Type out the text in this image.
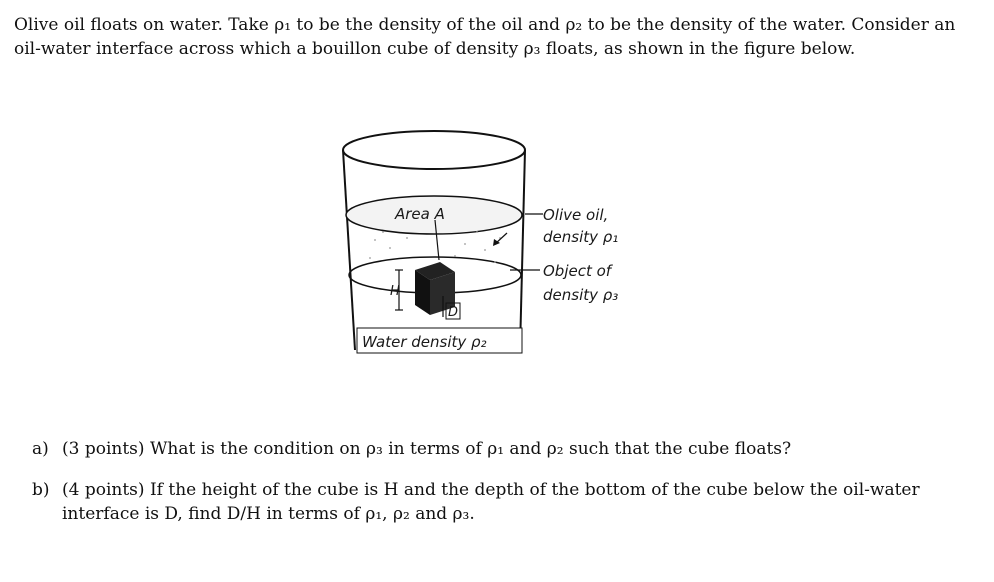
Olive oil floats on water. Take ρ₁ to be the density of the oil and ρ₂ to be the density of the water. Consider an oil-water interface across which a bouillon cube of density ρ₃ floats, as shown in the figure below.

H
D
Area A
Water density ρ₂
Olive oil,
density ρ₁
Object of
density ρ₃
a) (3 points) What is the condition on ρ₃ in terms of ρ₁ and ρ₂ such that the cube floats?
b) (4 points) If the height of the cube is H and the depth of the bottom of the cube below the oil-water interface is D, find D/H in terms of ρ₁, ρ₂ and ρ₃.
